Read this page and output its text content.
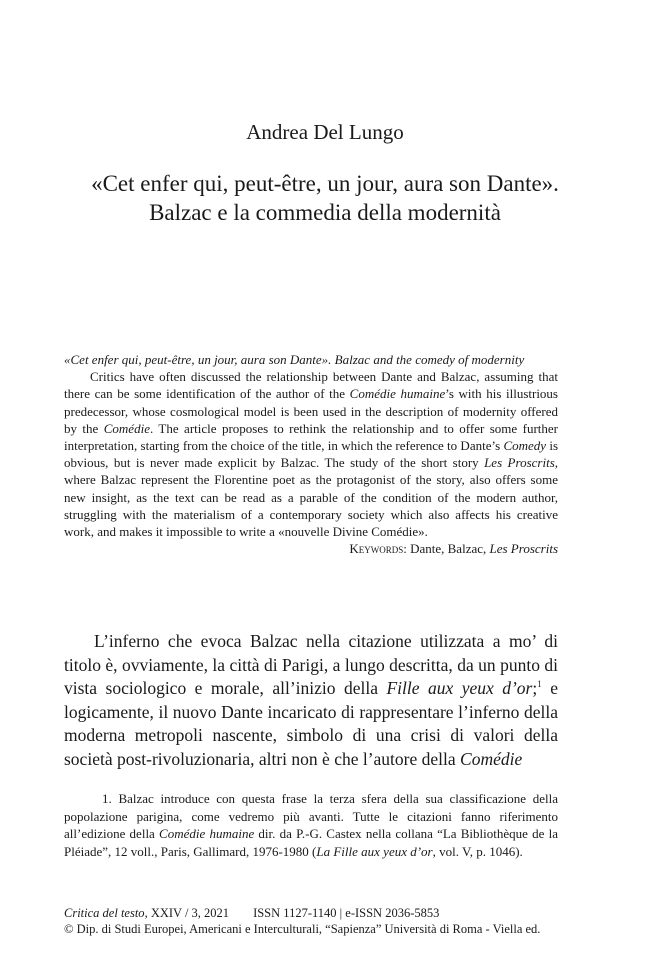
Andrea Del Lungo
«Cet enfer qui, peut-être, un jour, aura son Dante».
Balzac e la commedia della modernità
«Cet enfer qui, peut-être, un jour, aura son Dante». Balzac and the comedy of modernity

Critics have often discussed the relationship between Dante and Balzac, assuming that there can be some identification of the author of the Comédie humaine’s with his illustrious predecessor, whose cosmological model is been used in the description of modernity offered by the Comédie. The article proposes to rethink the relationship and to offer some further interpretation, starting from the choice of the title, in which the reference to Dante’s Comedy is obvious, but is never made explicit by Balzac. The study of the short story Les Proscrits, where Balzac represent the Florentine poet as the protagonist of the story, also offers some new insight, as the text can be read as a parable of the condition of the modern author, struggling with the materialism of a contemporary society which also affects his creative work, and makes it impossible to write a «nouvelle Divine Comédie».

Keywords: Dante, Balzac, Les Proscrits

L’inferno che evoca Balzac nella citazione utilizzata a mo’ di titolo è, ovviamente, la città di Parigi, a lungo descritta, da un punto di vista sociologico e morale, all’inizio della Fille aux yeux d’or;$^1$ e logicamente, il nuovo Dante incaricato di rappresentare l’inferno della moderna metropoli nascente, simbolo di una crisi di valori della società post-rivoluzionaria, altri non è che l’autore della Comédie

1. Balzac introduce con questa frase la terza sfera della sua classificazione della popolazione parigina, come vedremo più avanti. Tutte le citazioni fanno riferimento all’edizione della Comédie humaine dir. da P.-G. Castex nella collana “La Bibliothèque de la Pléiade”, 12 voll., Paris, Gallimard, 1976-1980 (La Fille aux yeux d’or, vol. V, p. 1046).

Critica del testo, XXIV / 3, 2021 ISSN 1127-1140 | e-ISSN 2036-5853
© Dip. di Studi Europei, Americani e Interculturali, “Sapienza” Università di Roma - Viella ed.
